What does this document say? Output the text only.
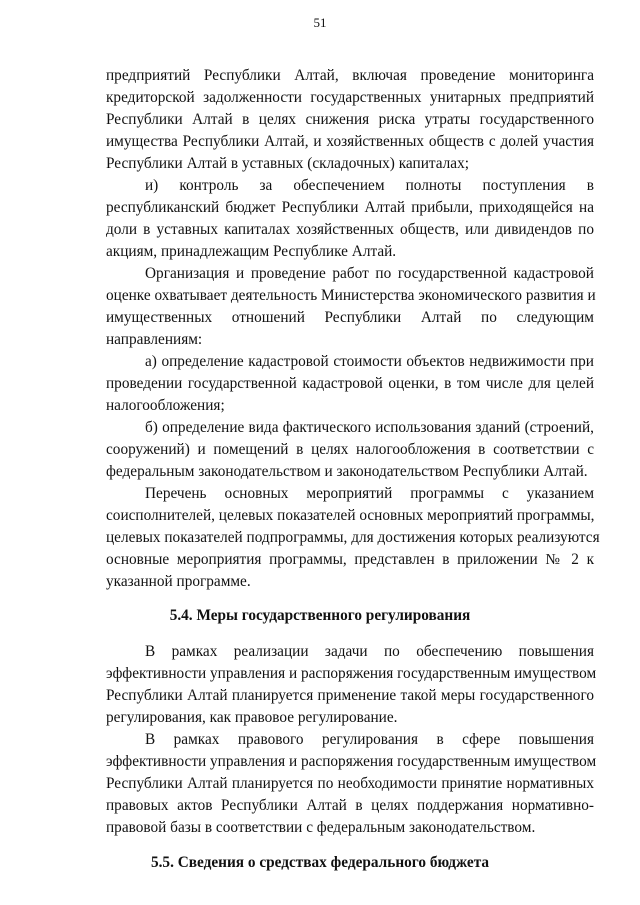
51
предприятий Республики Алтай, включая проведение мониторинга
кредиторской задолженности государственных унитарных предприятий
Республики Алтай в целях снижения риска утраты государственного
имущества Республики Алтай, и хозяйственных обществ с долей участия
Республики Алтай в уставных (складочных) капиталах;
и) контроль за обеспечением полноты поступления в
республиканский бюджет Республики Алтай прибыли, приходящейся на
доли в уставных капиталах хозяйственных обществ, или дивидендов по
акциям, принадлежащим Республике Алтай.
Организация и проведение работ по государственной кадастровой
оценке охватывает деятельность Министерства экономического развития и
имущественных отношений Республики Алтай по следующим
направлениям:
а) определение кадастровой стоимости объектов недвижимости при
проведении государственной кадастровой оценки, в том числе для целей
налогообложения;
б) определение вида фактического использования зданий (строений,
сооружений) и помещений в целях налогообложения в соответствии с
федеральным законодательством и законодательством Республики Алтай.
Перечень основных мероприятий программы с указанием
соисполнителей, целевых показателей основных мероприятий программы,
целевых показателей подпрограммы, для достижения которых реализуются
основные мероприятия программы, представлен в приложении № 2 к
указанной программе.
5.4. Меры государственного регулирования
В рамках реализации задачи по обеспечению повышения
эффективности управления и распоряжения государственным имуществом
Республики Алтай планируется применение такой меры государственного
регулирования, как правовое регулирование.
В рамках правового регулирования в сфере повышения
эффективности управления и распоряжения государственным имуществом
Республики Алтай планируется по необходимости принятие нормативных
правовых актов Республики Алтай в целях поддержания нормативно-
правовой базы в соответствии с федеральным законодательством.
5.5. Сведения о средствах федерального бюджета
